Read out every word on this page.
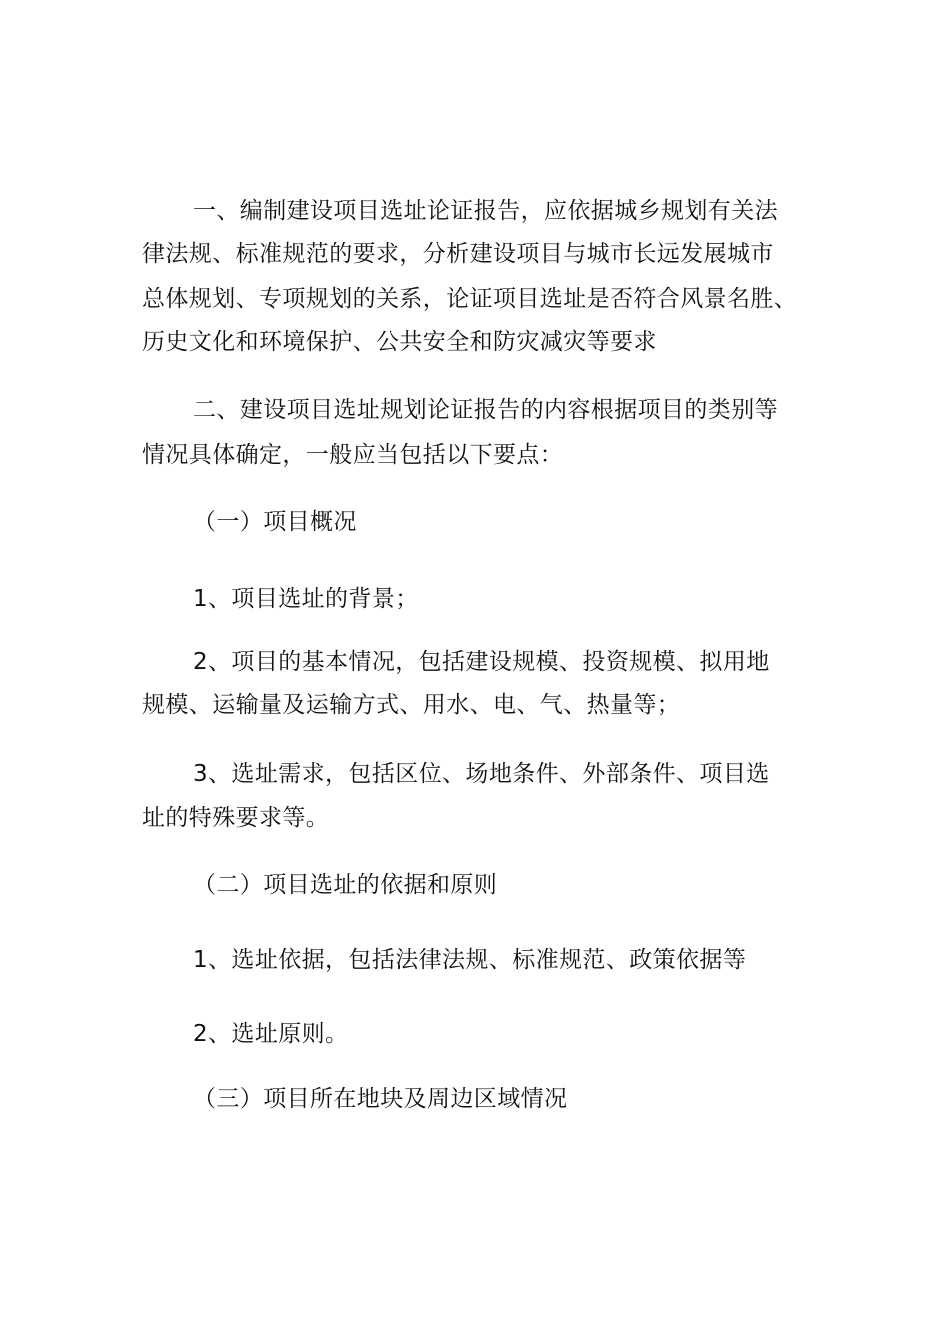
一、编制建设项目选址论证报告，应依据城乡规划有关法
律法规、标准规范的要求，分析建设项目与城市长远发展城市
总体规划、专项规划的关系，论证项目选址是否符合风景名胜、
历史文化和环境保护、公共安全和防灾减灾等要求
二、建设项目选址规划论证报告的内容根据项目的类别等
情况具体确定，一般应当包括以下要点：
（一）项目概况
1、项目选址的背景；
2、项目的基本情况，包括建设规模、投资规模、拟用地
规模、运输量及运输方式、用水、电、气、热量等；
3、选址需求，包括区位、场地条件、外部条件、项目选
址的特殊要求等。
（二）项目选址的依据和原则
1、选址依据，包括法律法规、标准规范、政策依据等
2、选址原则。
（三）项目所在地块及周边区域情况
